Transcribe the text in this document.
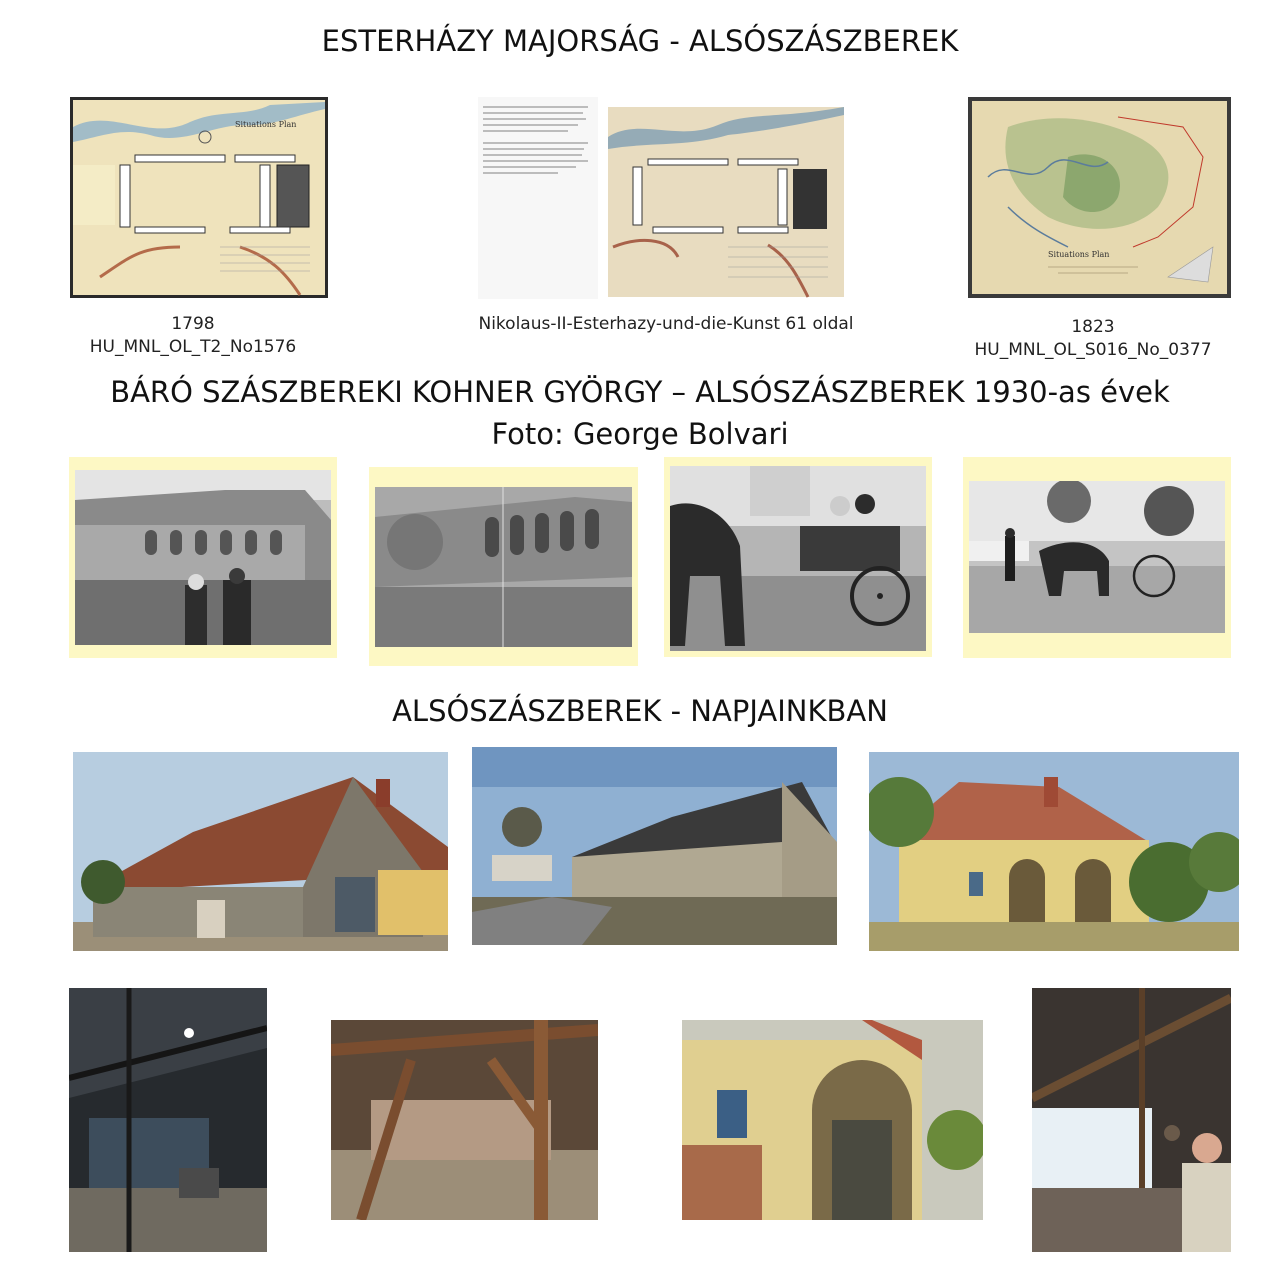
ESTERHÁZY MAJORSÁG - ALSÓSZÁSZBEREK
Situations Plan
Situations Plan
1798
HU_MNL_OL_T2_No1576
Nikolaus-II-Esterhazy-und-die-Kunst 61 oldal	1823
HU_MNL_OL_S016_No_0377
BÁRÓ SZÁSZBEREKI KOHNER GYÖRGY – ALSÓSZÁSZBEREK 1930-as évek
Foto: George Bolvari
ALSÓSZÁSZBEREK - NAPJAINKBAN
